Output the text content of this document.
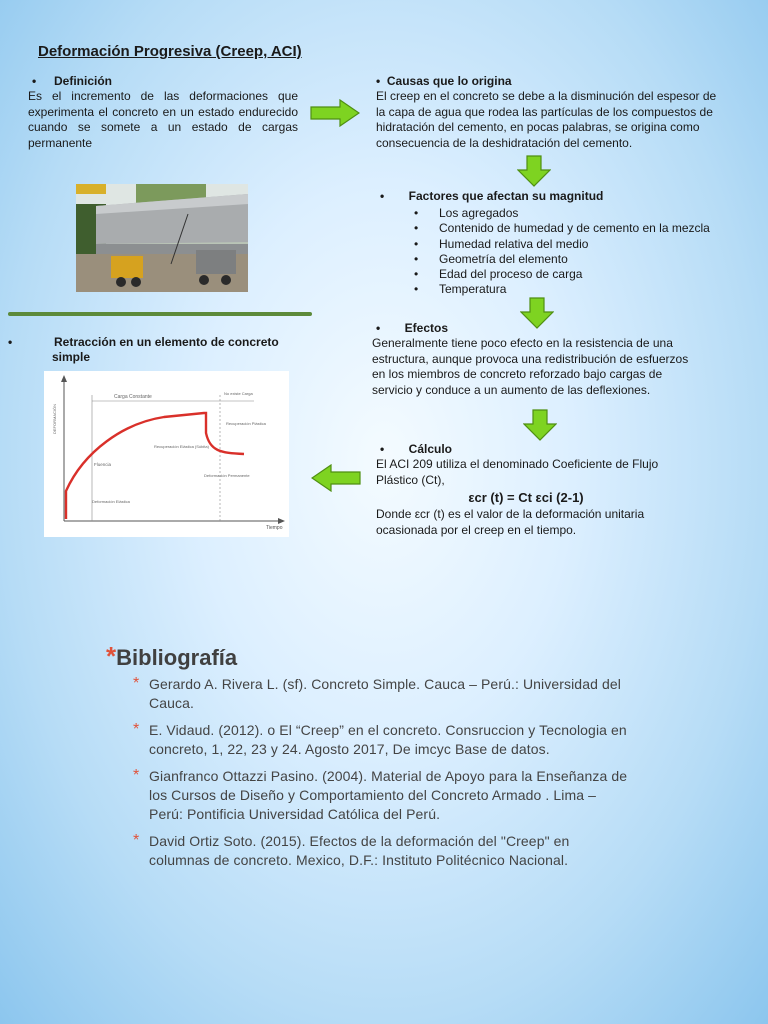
Deformación Progresiva (Creep, ACI)

• Definición

Es el incremento de las deformaciones que experimenta el concreto en un estado endurecido cuando se somete a un estado de cargas permanente

•  Causas que lo origina

El creep en el concreto se debe a la disminución del espesor de la capa de agua que rodea las partículas de los compuestos de hidratación del cemento, en pocas palabras, se origina como consecuencia de la deshidratación del cemento.

• Factores que afectan su magnitud

• Los agregados
• Contenido de humedad y de cemento en la mezcla
• Humedad relativa del medio
• Geometría del elemento
• Edad del proceso de carga
• Temperatura

•	Retracción en un elemento de concreto simple

DEFORMACIÓN
Tiempo
Carga Constante
No existe Carga
Recuperación Plástica
Recuperación Elástica (Súbita)
Fluencia
Deformación Permanente
Deformación Elástica

• Efectos

Generalmente tiene poco efecto en la resistencia de una estructura, aunque provoca una redistribución de esfuerzos en los miembros de concreto reforzado bajo cargas de servicio y conduce a un aumento de las deflexiones.

• Cálculo

El ACI 209 utiliza el denominado Coeficiente de Flujo Plástico (Ct),

εcr (t) = Ct εci (2-1)

Donde εcr (t) es el valor de la deformación unitaria ocasionada por el creep en el tiempo.

*Bibliografía
* Gerardo A. Rivera L. (sf). Concreto Simple. Cauca – Perú.: Universidad del Cauca.
* E. Vidaud. (2012). o El “Creep” en el concreto. Consruccion y Tecnologia en concreto, 1, 22, 23 y 24. Agosto 2017, De imcyc Base de datos.
* Gianfranco Ottazzi Pasino. (2004). Material de Apoyo para la Enseñanza de los Cursos de Diseño y Comportamiento del Concreto Armado . Lima – Perú: Pontificia Universidad Católica del Perú.
* David Ortiz Soto. (2015). Efectos de la deformación del "Creep" en columnas de concreto. Mexico, D.F.: Instituto Politécnico Nacional.
